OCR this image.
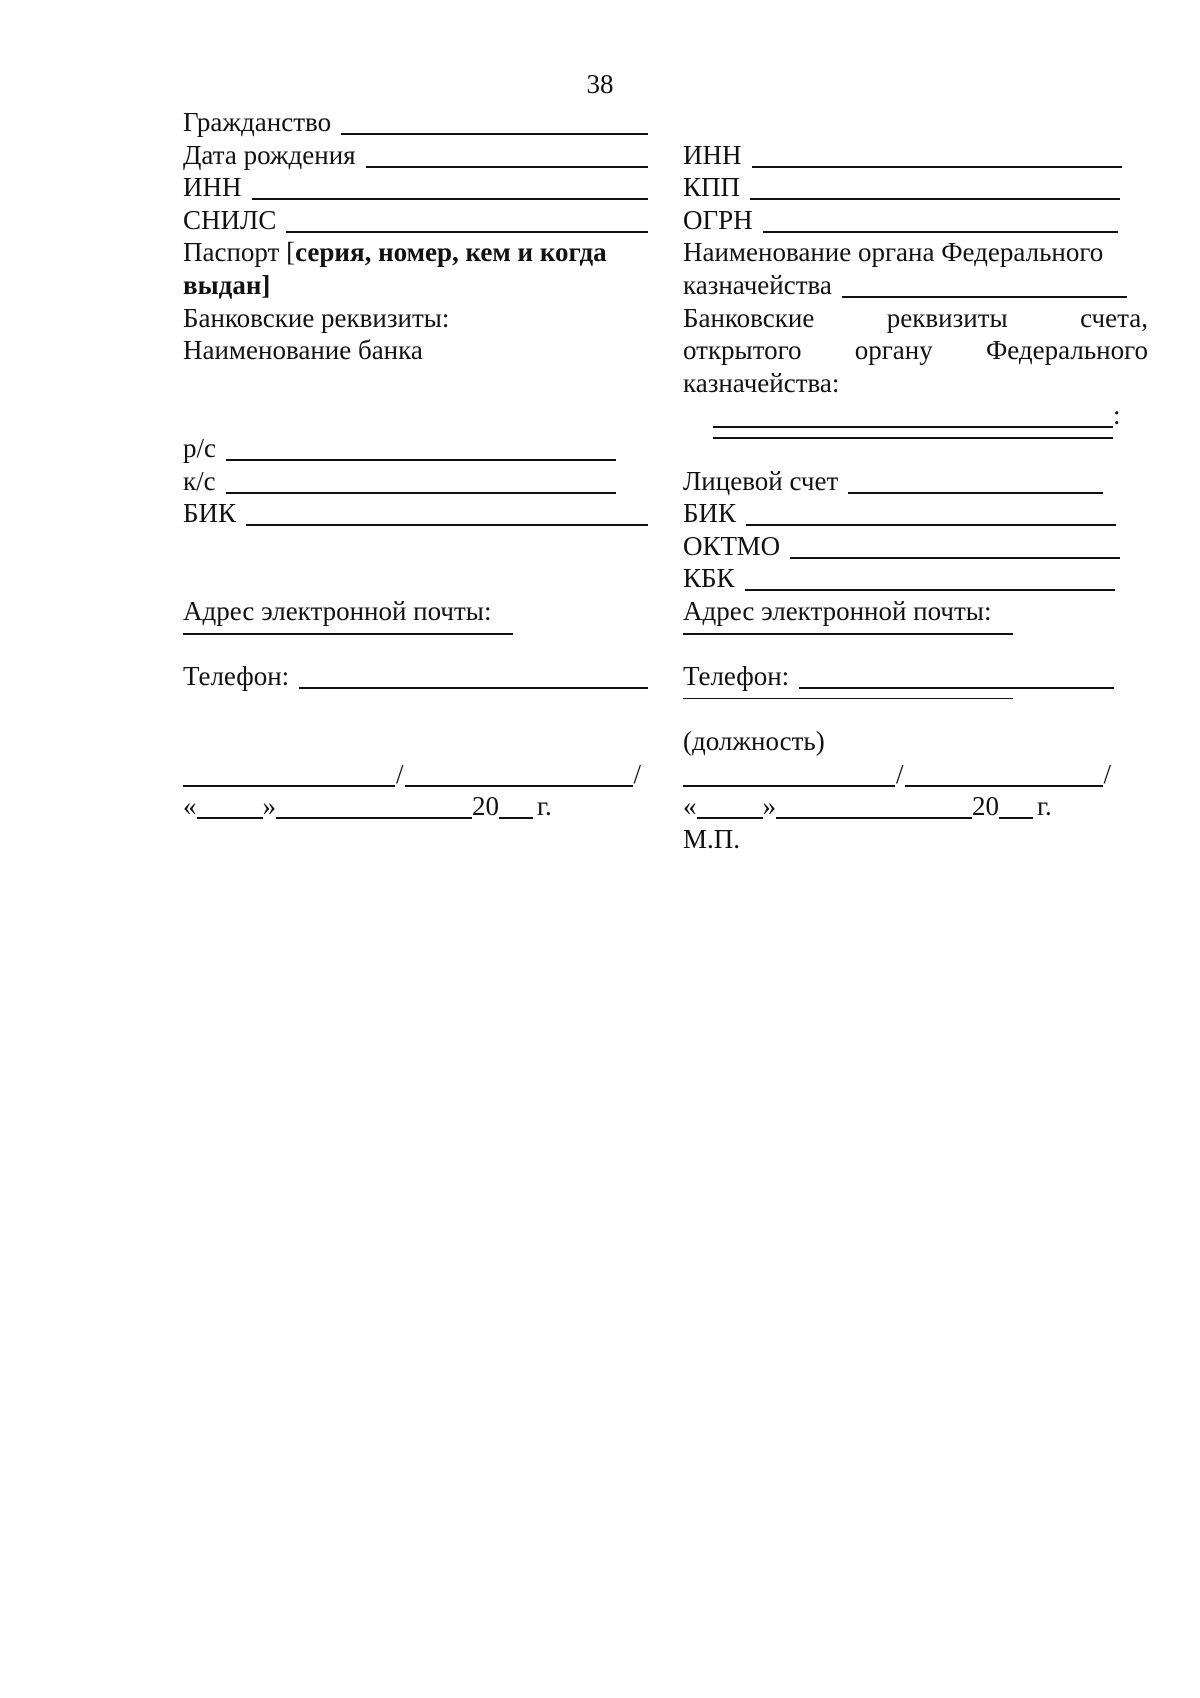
38
Гражданство
Дата рождения
ИНН
СНИЛС
Паспорт [ серия, номер, кем и когда
выдан]
Банковские реквизиты:
Наименование банка
р/с
к/с
БИК
Адрес электронной почты:
Телефон:
/	/
« »	20 г.
ИНН
КПП
ОГРН
Наименование органа Федерального
казначейства
Банковские	реквизиты	счета,
открытого органу Федерального
казначейства:
:
Лицевой счет
БИК
ОКТМО
КБК
Адрес электронной почты:
Телефон:
(должность)
/	/
« »	20 г.
М.П.
